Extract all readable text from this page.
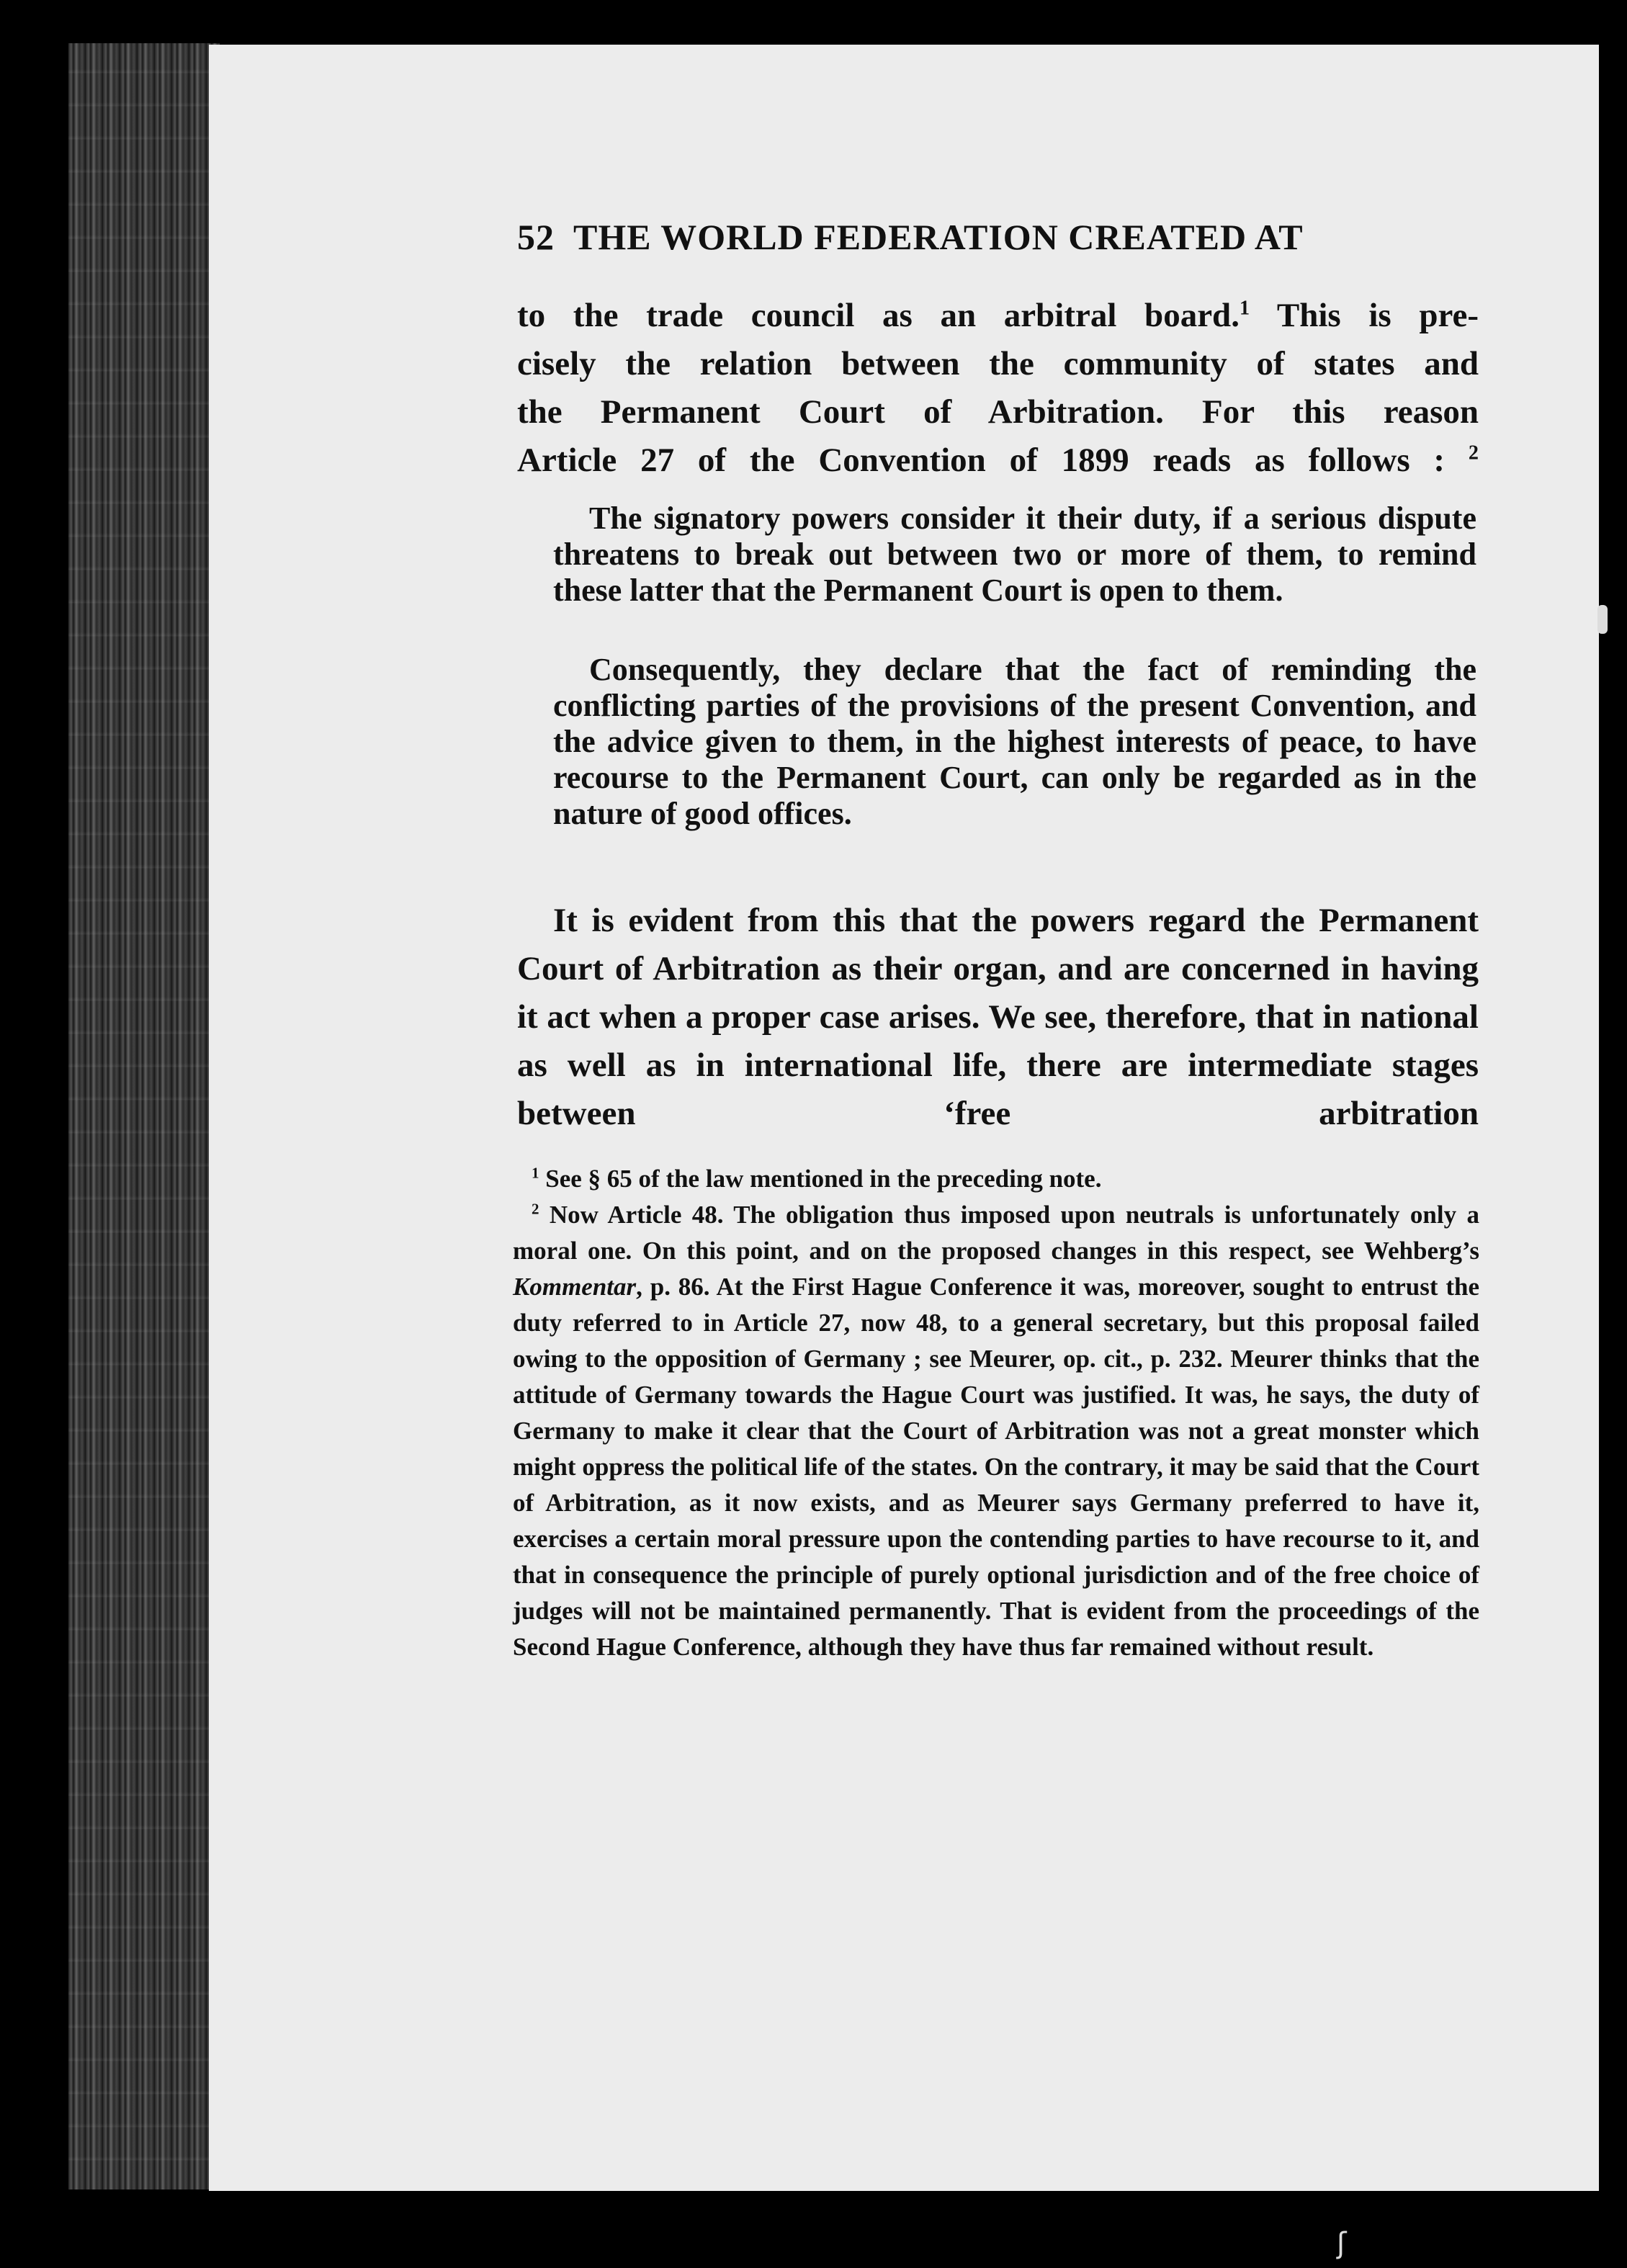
ʃ
52 THE WORLD FEDERATION CREATED AT
to the trade council as an arbitral board.$^1$ This is pre-
cisely the relation between the community of states and
the Permanent Court of Arbitration. For this reason
Article 27 of the Convention of 1899 reads as follows : $^2$

The signatory powers consider it their duty, if a serious dispute threatens to break out between two or more of them, to remind these latter that the Permanent Court is open to them.

Consequently, they declare that the fact of reminding the conflicting parties of the provisions of the present Convention, and the advice given to them, in the highest interests of peace, to have recourse to the Permanent Court, can only be regarded as in the nature of good offices.

It is evident from this that the powers regard the Permanent Court of Arbitration as their organ, and are concerned in having it act when a proper case arises. We see, therefore, that in national as well as in international life, there are intermediate stages between ‘free arbitration

$^1$ See § 65 of the law mentioned in the preceding note.

$^2$ Now Article 48. The obligation thus imposed upon neutrals is unfortunately only a moral one. On this point, and on the proposed changes in this respect, see Wehberg’s Kommentar, p. 86. At the First Hague Conference it was, moreover, sought to entrust the duty referred to in Article 27, now 48, to a general secretary, but this proposal failed owing to the opposition of Germany ; see Meurer, op. cit., p. 232. Meurer thinks that the attitude of Germany towards the Hague Court was justified. It was, he says, the duty of Germany to make it clear that the Court of Arbitration was not a great monster which might oppress the political life of the states. On the contrary, it may be said that the Court of Arbitration, as it now exists, and as Meurer says Germany preferred to have it, exercises a certain moral pressure upon the contending parties to have recourse to it, and that in consequence the principle of purely optional jurisdiction and of the free choice of judges will not be maintained permanently. That is evident from the proceedings of the Second Hague Conference, although they have thus far remained without result.
